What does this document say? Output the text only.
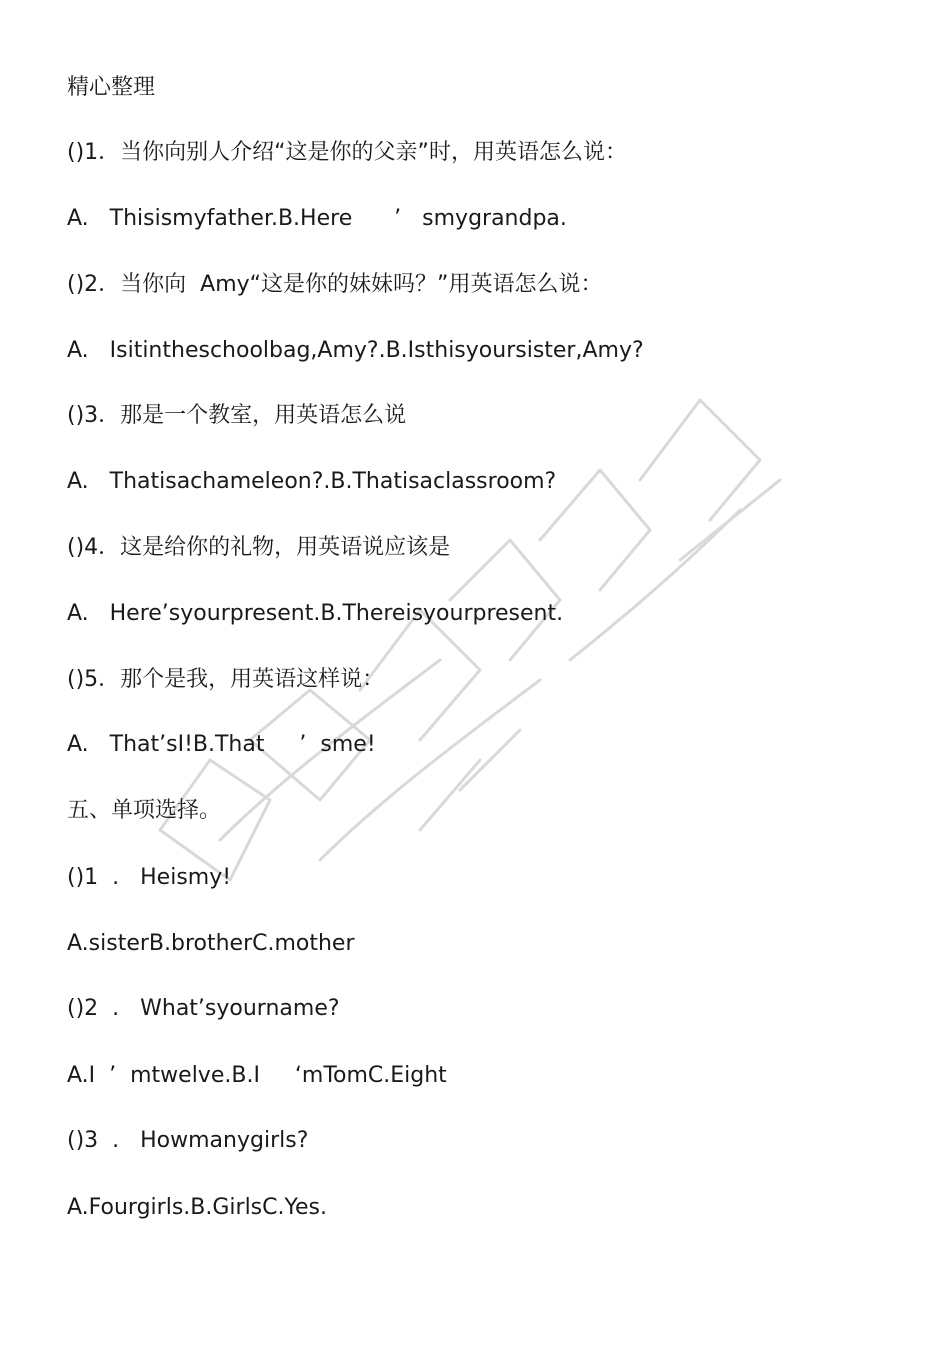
精心整理
()1．当你向别人介绍“这是你的父亲”时，用英语怎么说：
A.   Thisismyfather.B.Here      ’   smygrandpa.
()2．当你向  Amy“这是你的妹妹吗？”用英语怎么说：
A.   Isitintheschoolbag,Amy?.B.Isthisyoursister,Amy?
()3．那是一个教室，用英语怎么说
A.   Thatisachameleon?.B.Thatisaclassroom?
()4．这是给你的礼物，用英语说应该是
A.   Here’syourpresent.B.Thereisyourpresent.
()5．那个是我，用英语这样说：
A.   That’sI!B.That     ’  sme!
五、单项选择。
()1  .   Heismy!
A.sisterB.brotherC.mother
()2  .   What’syourname?
A.I  ’  mtwelve.B.I     ‘mTomC.Eight
()3  .   Howmanygirls?
A.Fourgirls.B.GirlsC.Yes.
